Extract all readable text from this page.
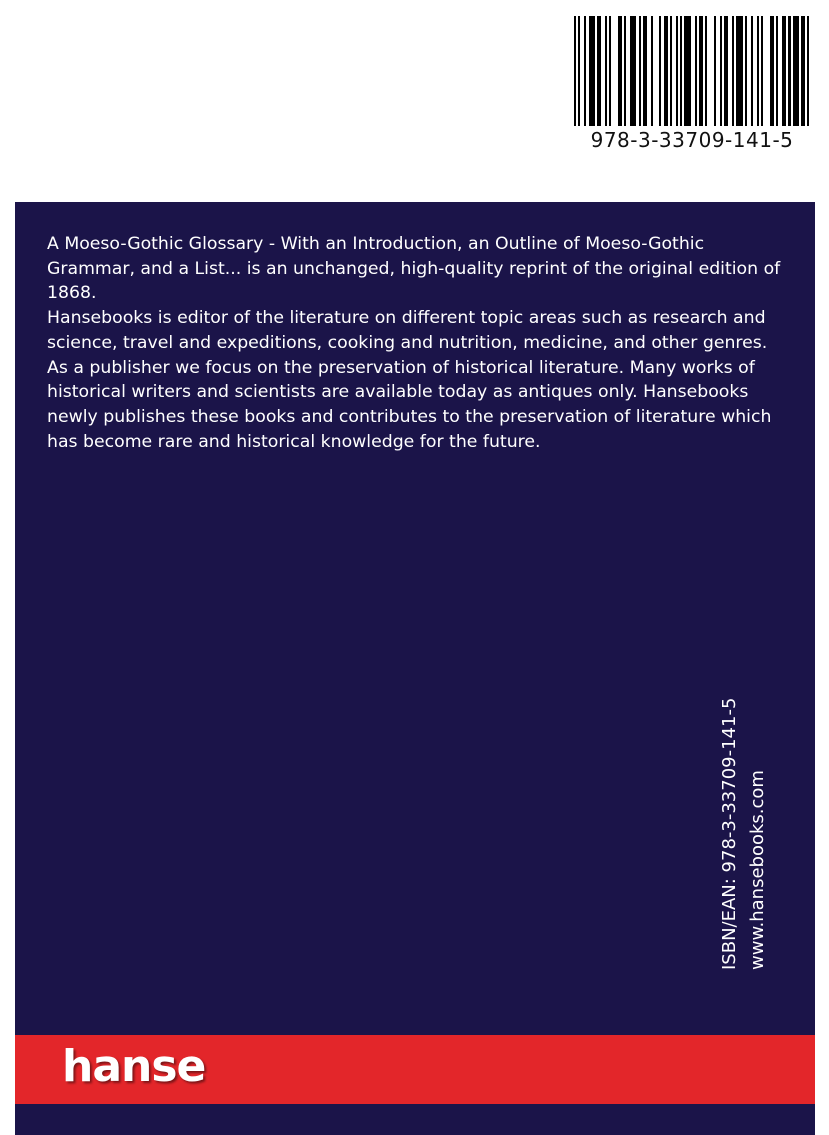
978-3-33709-141-5

A Moeso-Gothic Glossary - With an Introduction, an Outline of Moeso-Gothic Grammar, and a List... is an unchanged, high-quality reprint of the original edition of 1868.

Hansebooks is editor of the literature on different topic areas such as research and science, travel and expeditions, cooking and nutrition, medicine, and other genres. As a publisher we focus on the preservation of historical literature. Many works of historical writers and scientists are available today as antiques only. Hansebooks newly publishes these books and contributes to the preservation of literature which has become rare and historical knowledge for the future.

ISBN/EAN: 978-3-33709-141-5 www.hansebooks.com
hanse
